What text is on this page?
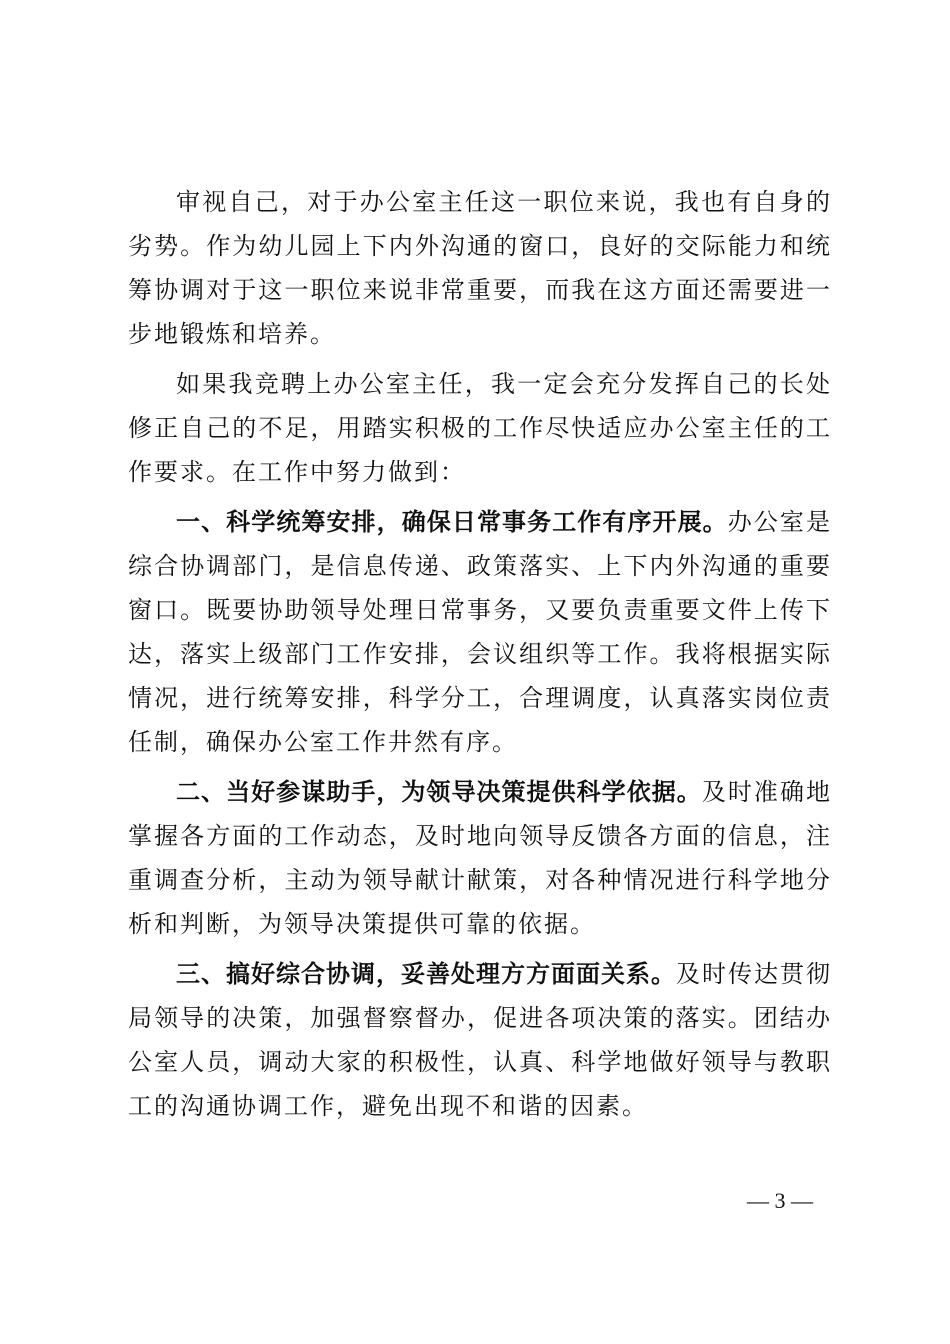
审视自己，对于办公室主任这一职位来说，我也有自身的劣势。作为幼儿园上下内外沟通的窗口，良好的交际能力和统筹协调对于这一职位来说非常重要，而我在这方面还需要进一步地锻炼和培养。

如果我竞聘上办公室主任，我一定会充分发挥自己的长处修正自己的不足，用踏实积极的工作尽快适应办公室主任的工作要求。在工作中努力做到：

一、科学统筹安排，确保日常事务工作有序开展。办公室是综合协调部门，是信息传递、政策落实、上下内外沟通的重要窗口。既要协助领导处理日常事务，又要负责重要文件上传下达，落实上级部门工作安排，会议组织等工作。我将根据实际情况，进行统筹安排，科学分工，合理调度，认真落实岗位责任制，确保办公室工作井然有序。

二、当好参谋助手，为领导决策提供科学依据。及时准确地掌握各方面的工作动态，及时地向领导反馈各方面的信息，注重调查分析，主动为领导献计献策，对各种情况进行科学地分析和判断，为领导决策提供可靠的依据。

三、搞好综合协调，妥善处理方方面面关系。及时传达贯彻局领导的决策，加强督察督办，促进各项决策的落实。团结办公室人员，调动大家的积极性，认真、科学地做好领导与教职工的沟通协调工作，避免出现不和谐的因素。

— 3 —
